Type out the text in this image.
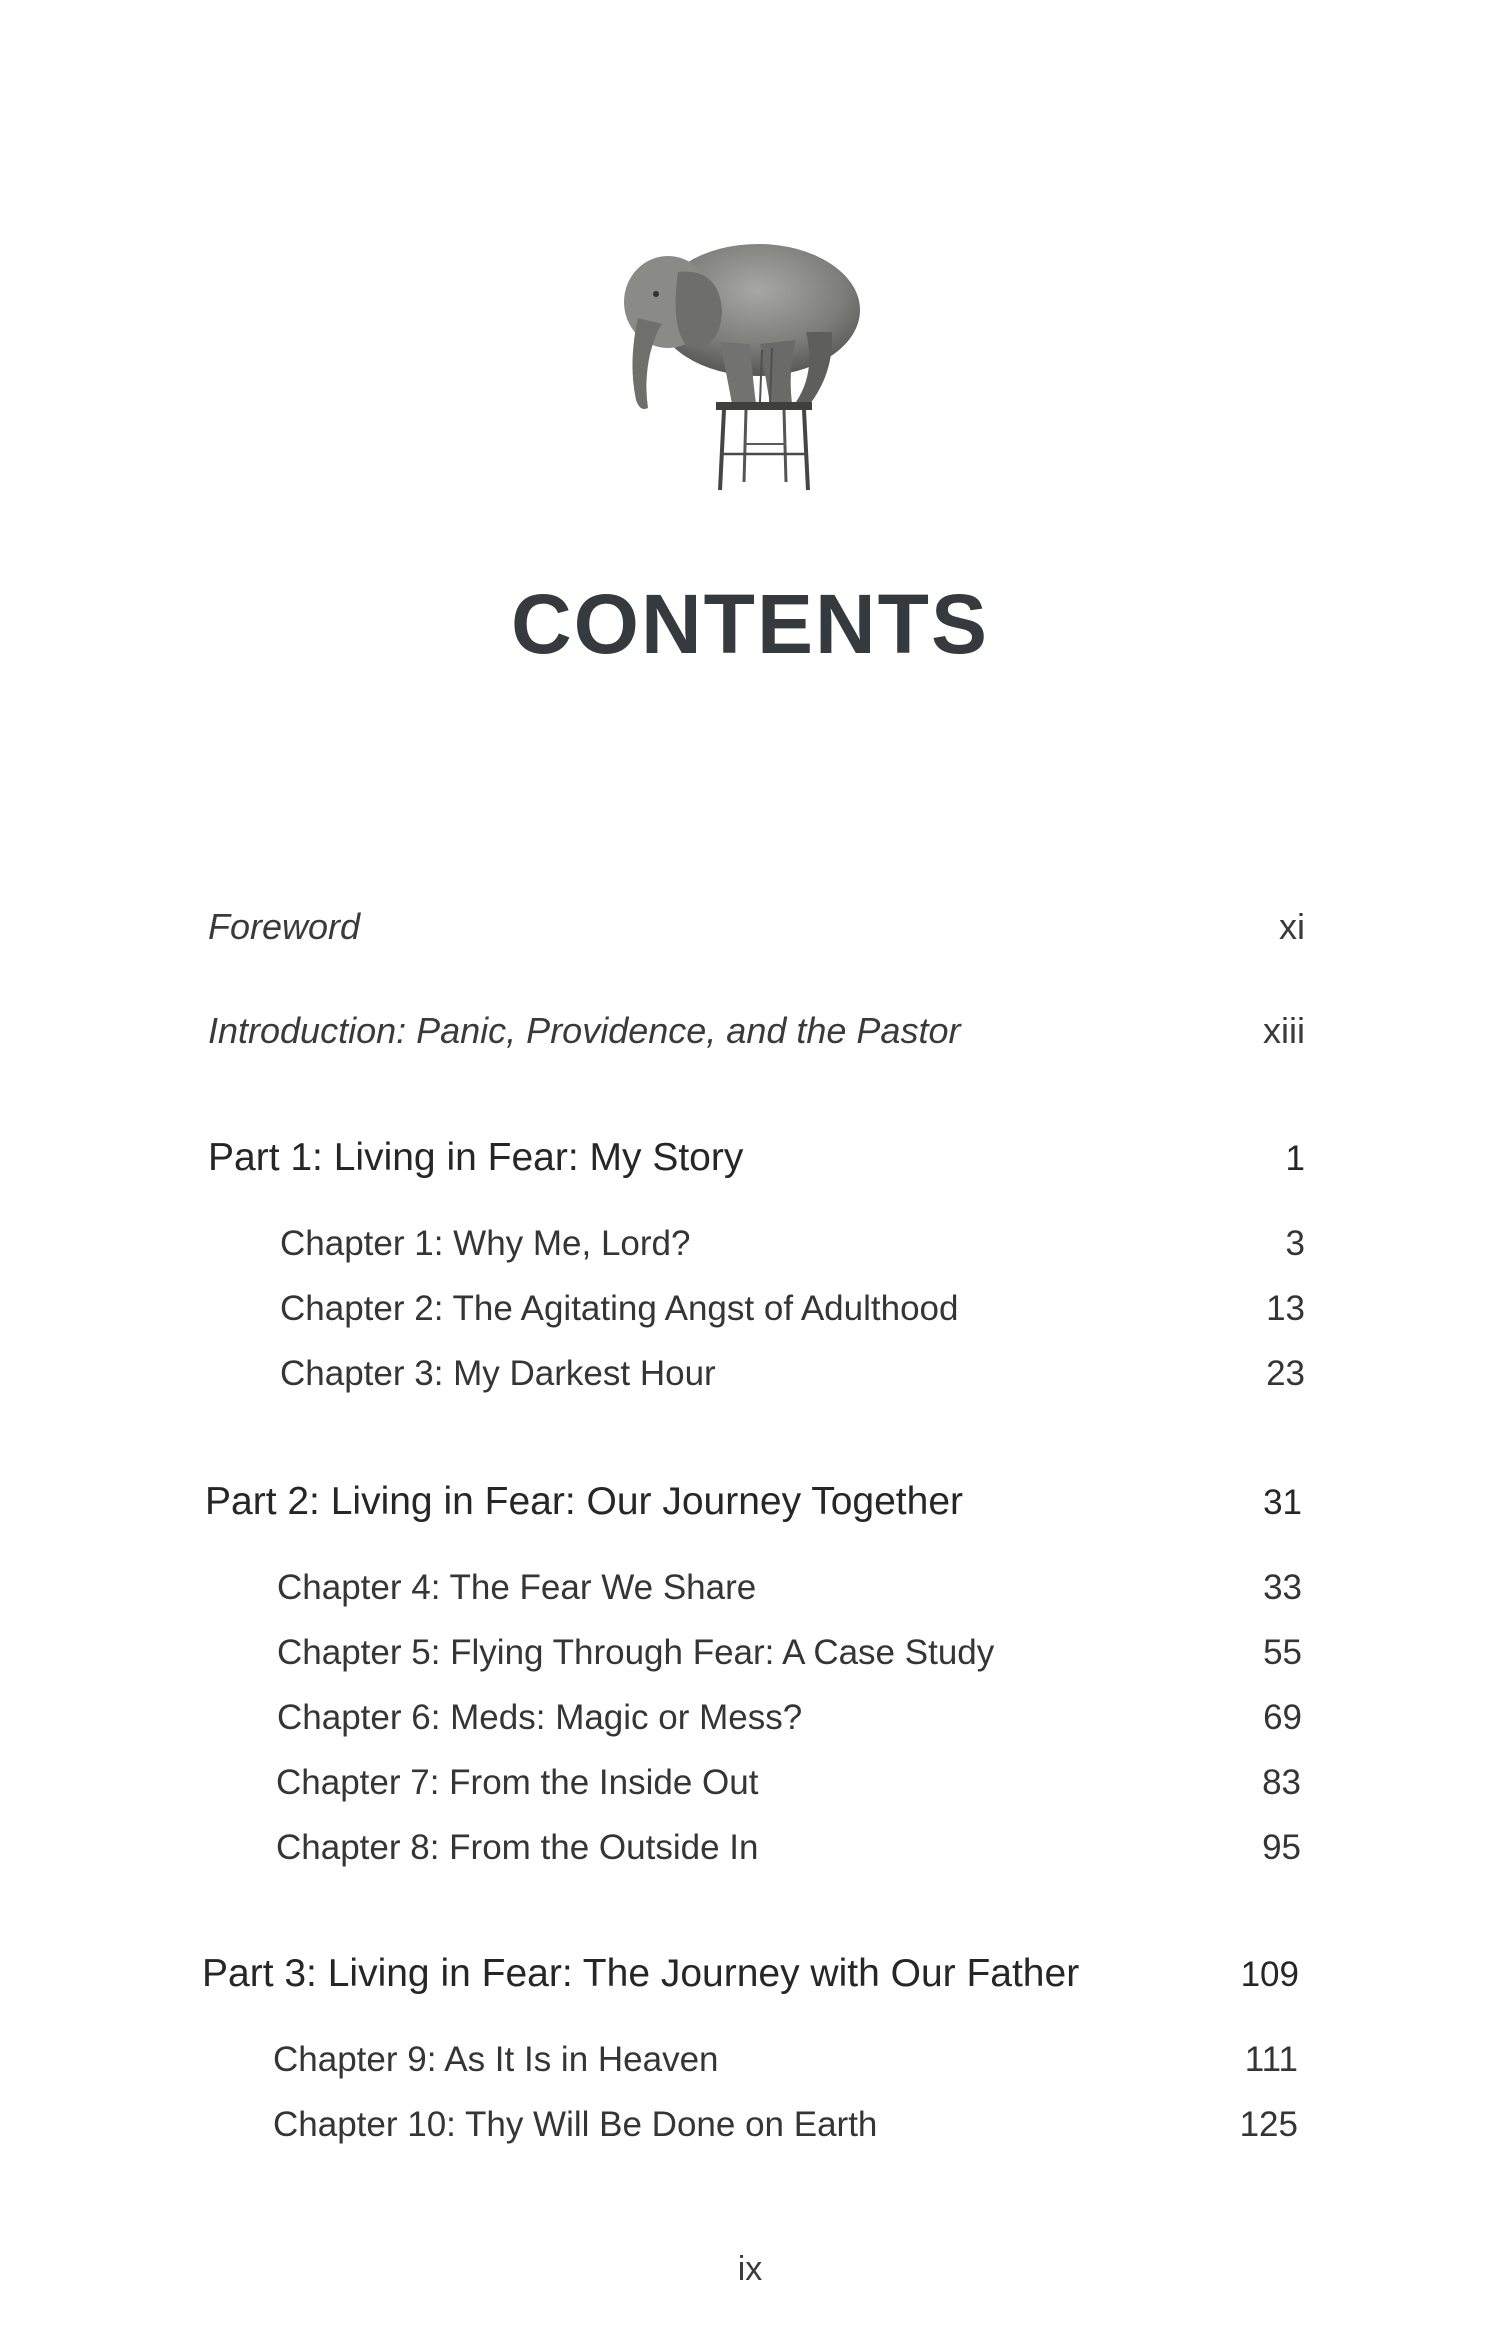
CONTENTS
Foreword	xi
Introduction: Panic, Providence, and the Pastor	xiii
Part 1: Living in Fear: My Story	1
Chapter 1: Why Me, Lord?	3
Chapter 2: The Agitating Angst of Adulthood	13
Chapter 3: My Darkest Hour	23
Part 2: Living in Fear: Our Journey Together	31
Chapter 4: The Fear We Share	33
Chapter 5: Flying Through Fear: A Case Study	55
Chapter 6: Meds: Magic or Mess?	69
Chapter 7: From the Inside Out	83
Chapter 8: From the Outside In	95
Part 3: Living in Fear: The Journey with Our Father	109
Chapter 9: As It Is in Heaven	111
Chapter 10: Thy Will Be Done on Earth	125
ix
